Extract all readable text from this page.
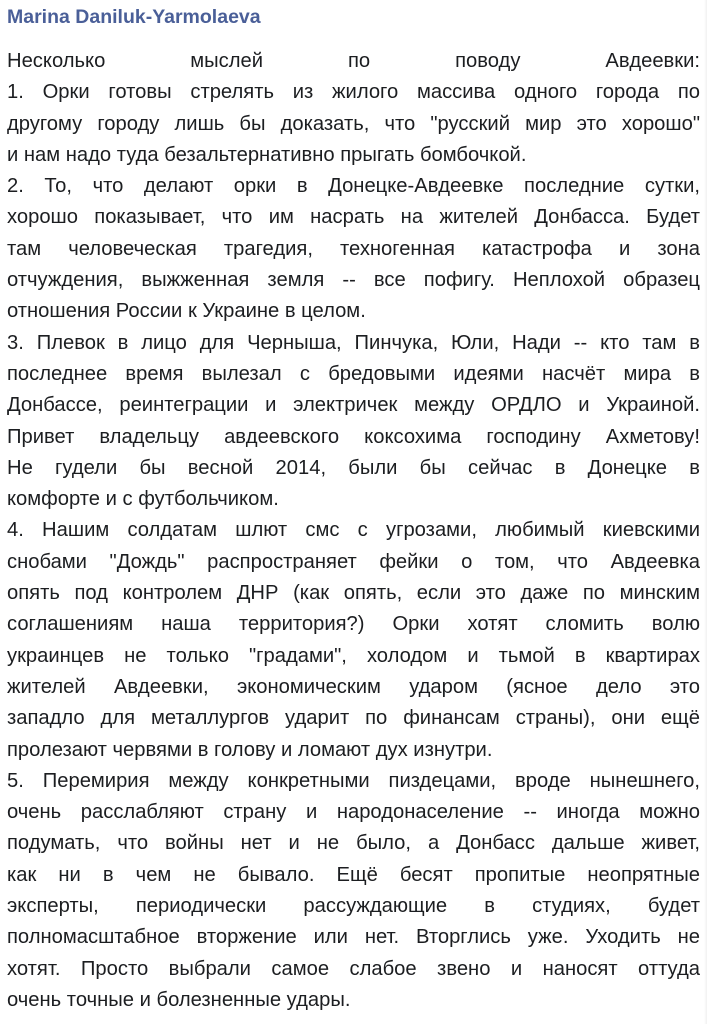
Marina Daniluk-Yarmolaeva
Несколько мыслей по поводу Авдеевки:
1. Орки готовы стрелять из жилого массива одного города по
другому городу лишь бы доказать, что "русский мир это хорошо"
и нам надо туда безальтернативно прыгать бомбочкой.
2. То, что делают орки в Донецке-Авдеевке последние сутки,
хорошо показывает, что им насрать на жителей Донбасса. Будет
там человеческая трагедия, техногенная катастрофа и зона
отчуждения, выжженная земля -- все пофигу. Неплохой образец
отношения России к Украине в целом.
3. Плевок в лицо для Черныша, Пинчука, Юли, Нади -- кто там в
последнее время вылезал с бредовыми идеями насчёт мира в
Донбассе, реинтеграции и электричек между ОРДЛО и Украиной.
Привет владельцу авдеевского коксохима господину Ахметову!
Не гудели бы весной 2014, были бы сейчас в Донецке в
комфорте и с футбольчиком.
4. Нашим солдатам шлют смс с угрозами, любимый киевскими
снобами "Дождь" распространяет фейки о том, что Авдеевка
опять под контролем ДНР (как опять, если это даже по минским
соглашениям наша территория?) Орки хотят сломить волю
украинцев не только "градами", холодом и тьмой в квартирах
жителей Авдеевки, экономическим ударом (ясное дело это
западло для металлургов ударит по финансам страны), они ещё
пролезают червями в голову и ломают дух изнутри.
5. Перемирия между конкретными пиздецами, вроде нынешнего,
очень расслабляют страну и народонаселение -- иногда можно
подумать, что войны нет и не было, а Донбасс дальше живет,
как ни в чем не бывало. Ещё бесят пропитые неопрятные
эксперты, периодически рассуждающие в студиях, будет
полномасштабное вторжение или нет. Вторглись уже. Уходить не
хотят. Просто выбрали самое слабое звено и наносят оттуда
очень точные и болезненные удары.
